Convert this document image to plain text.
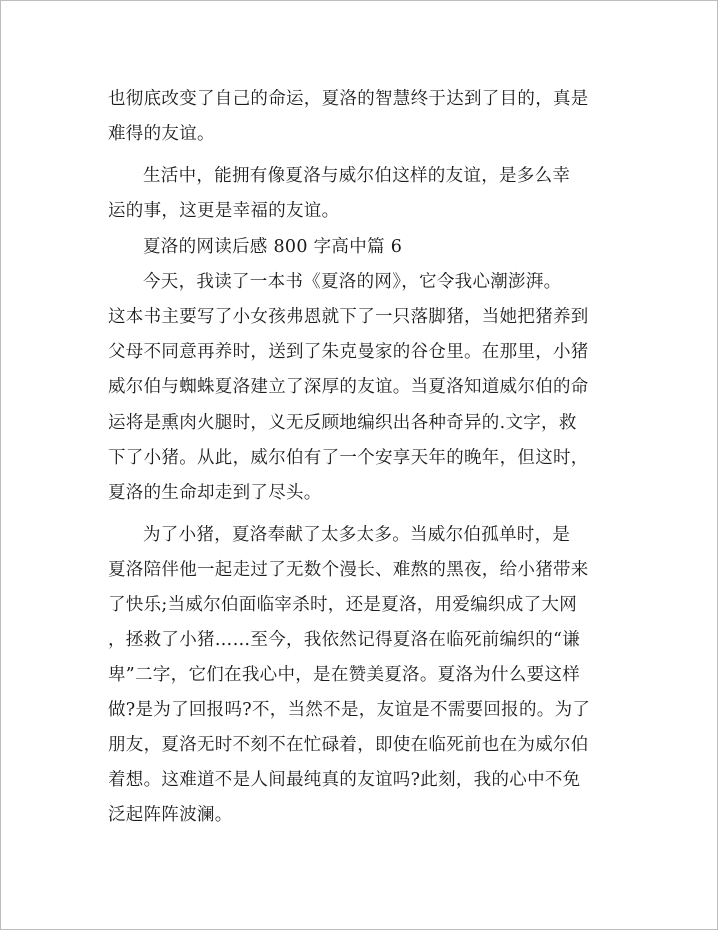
也彻底改变了自己的命运，夏洛的智慧终于达到了目的，真是
难得的友谊。
生活中，能拥有像夏洛与威尔伯这样的友谊，是多么幸
运的事，这更是幸福的友谊。
夏洛的网读后感 800 字高中篇 6
今天，我读了一本书《夏洛的网》，它令我心潮澎湃。
这本书主要写了小女孩弗恩就下了一只落脚猪，当她把猪养到
父母不同意再养时，送到了朱克曼家的谷仓里。在那里，小猪
威尔伯与蜘蛛夏洛建立了深厚的友谊。当夏洛知道威尔伯的命
运将是熏肉火腿时，义无反顾地编织出各种奇异的.文字，救
下了小猪。从此，威尔伯有了一个安享天年的晚年，但这时，
夏洛的生命却走到了尽头。
为了小猪，夏洛奉献了太多太多。当威尔伯孤单时，是
夏洛陪伴他一起走过了无数个漫长、难熬的黑夜，给小猪带来
了快乐;当威尔伯面临宰杀时，还是夏洛，用爱编织成了大网
，拯救了小猪……至今，我依然记得夏洛在临死前编织的“谦
卑”二字，它们在我心中，是在赞美夏洛。夏洛为什么要这样
做?是为了回报吗?不，当然不是，友谊是不需要回报的。为了
朋友，夏洛无时不刻不在忙碌着，即使在临死前也在为威尔伯
着想。这难道不是人间最纯真的友谊吗?此刻，我的心中不免
泛起阵阵波澜。
